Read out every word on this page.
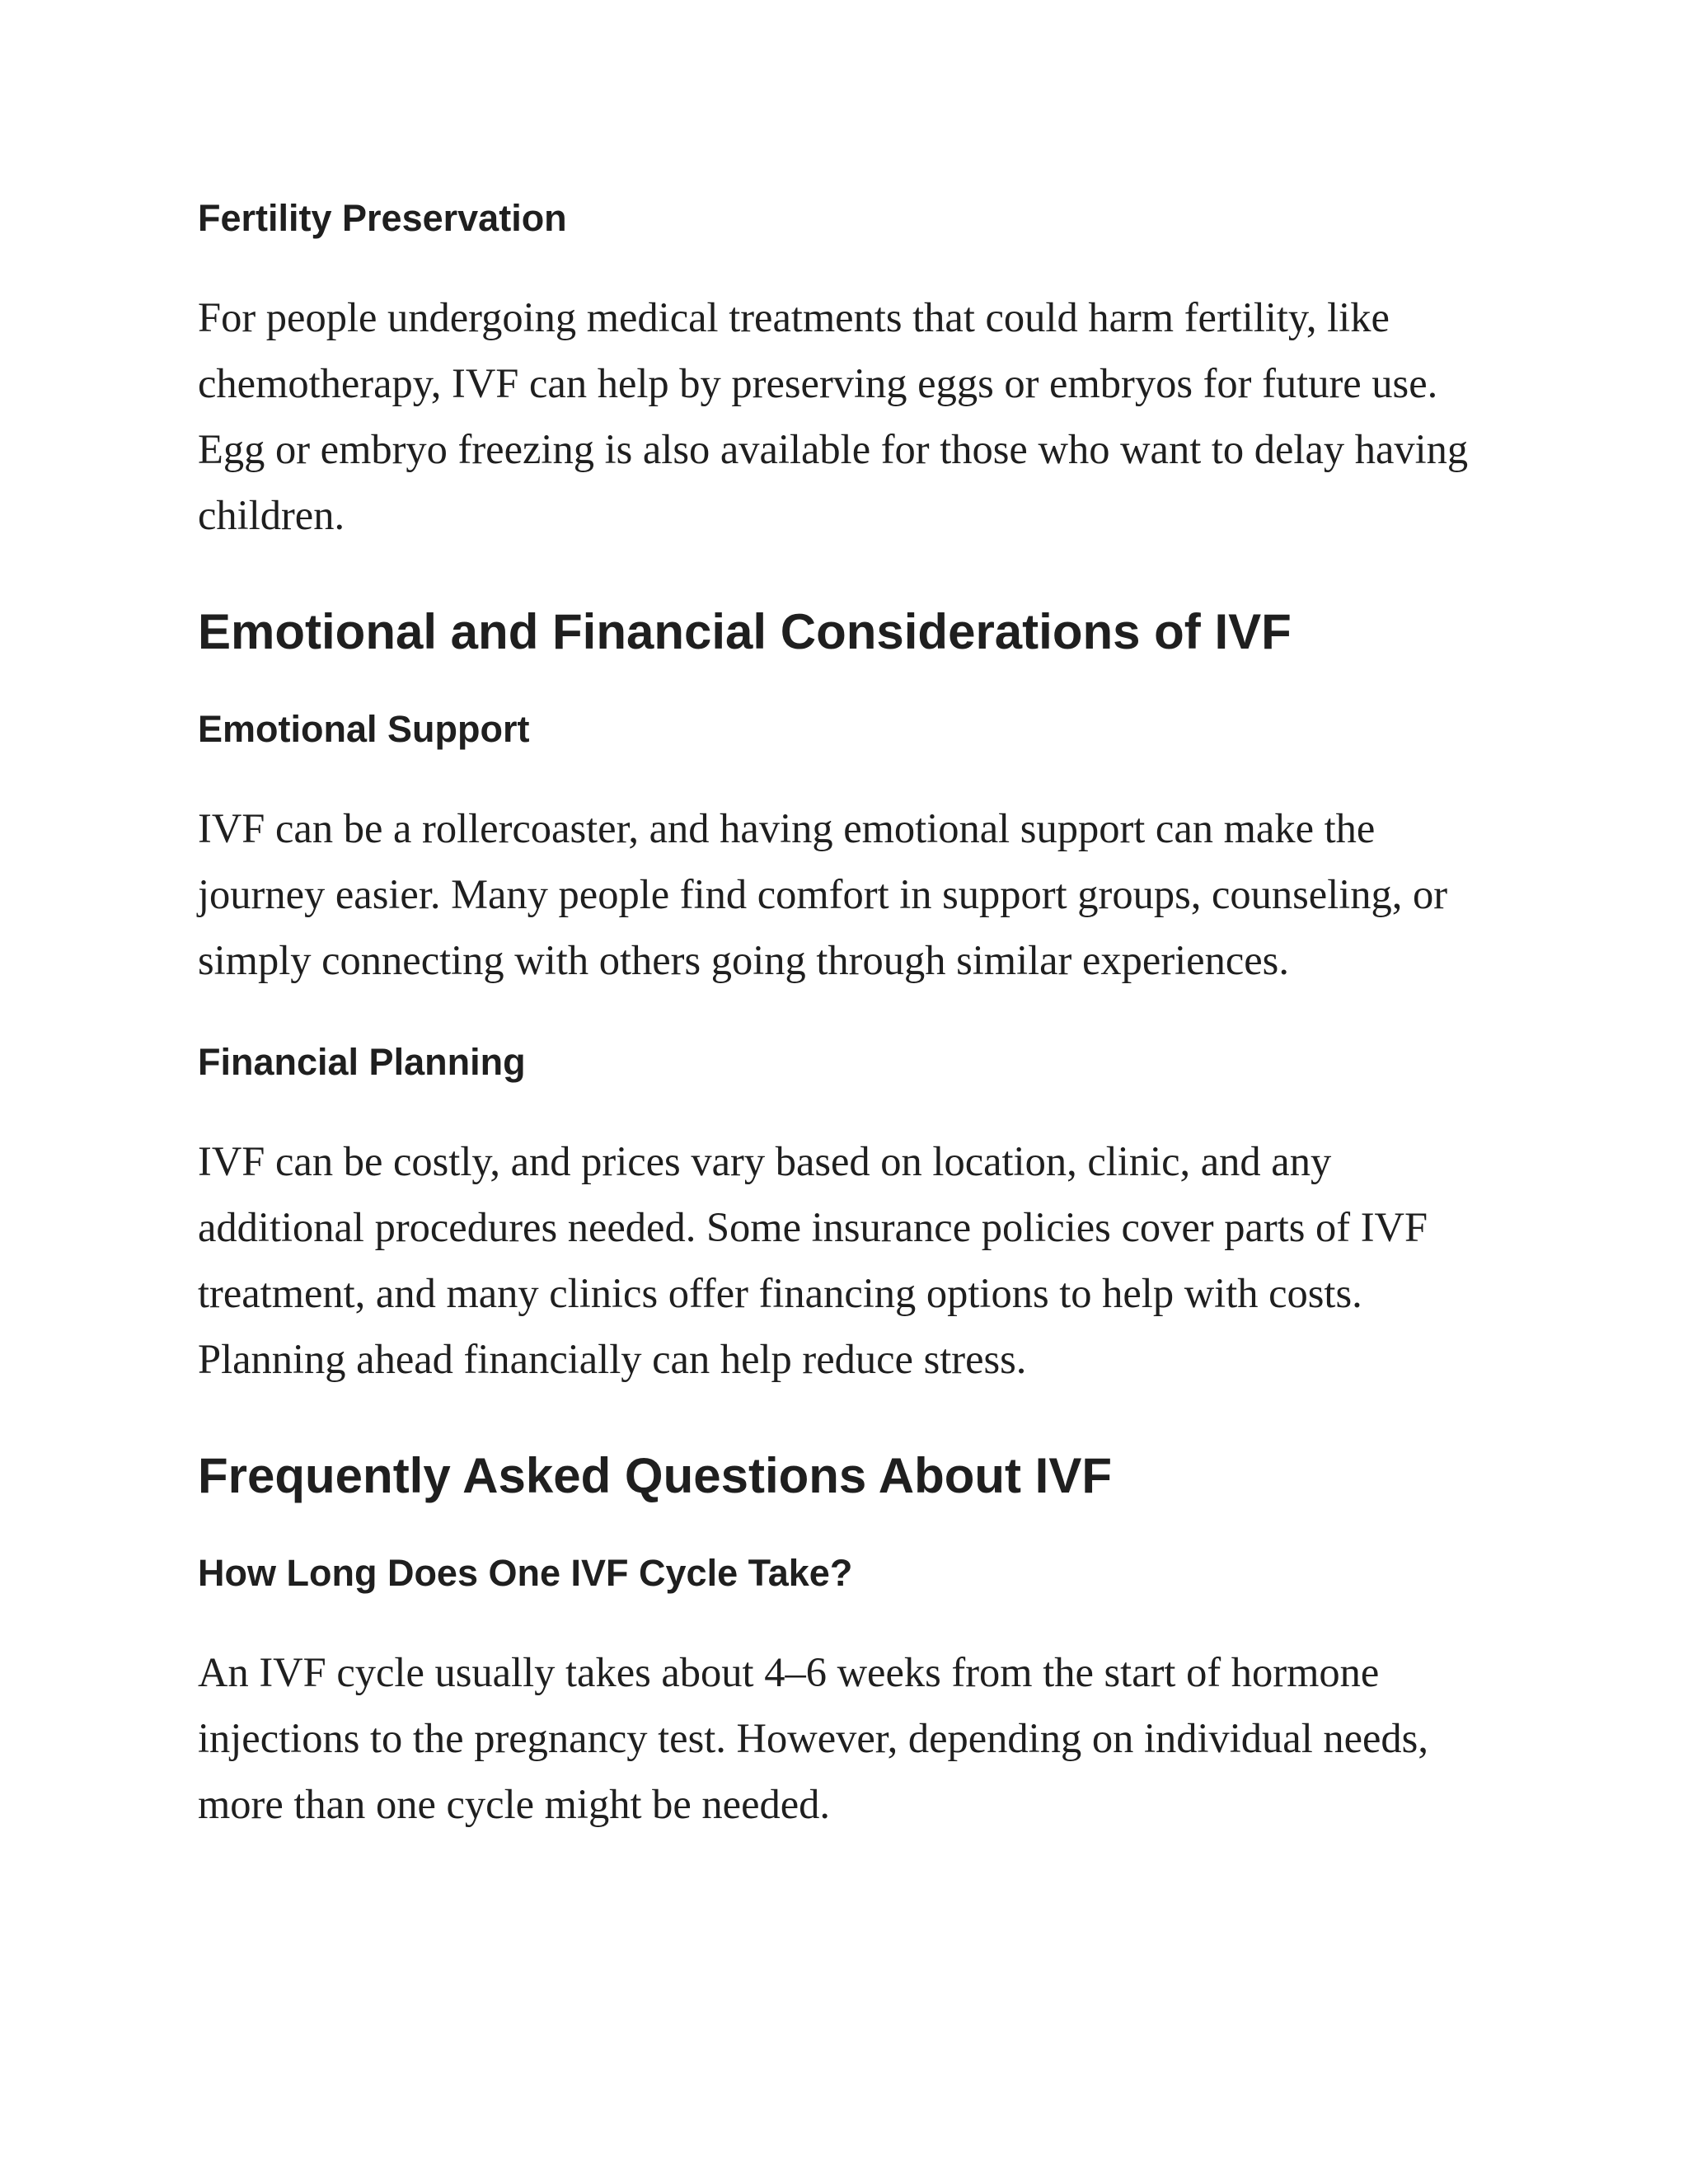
Fertility Preservation

For people undergoing medical treatments that could harm fertility, like chemotherapy, IVF can help by preserving eggs or embryos for future use. Egg or embryo freezing is also available for those who want to delay having children.

Emotional and Financial Considerations of IVF
Emotional Support

IVF can be a rollercoaster, and having emotional support can make the journey easier. Many people find comfort in support groups, counseling, or simply connecting with others going through similar experiences.

Financial Planning

IVF can be costly, and prices vary based on location, clinic, and any additional procedures needed. Some insurance policies cover parts of IVF treatment, and many clinics offer financing options to help with costs. Planning ahead financially can help reduce stress.

Frequently Asked Questions About IVF
How Long Does One IVF Cycle Take?

An IVF cycle usually takes about 4–6 weeks from the start of hormone injections to the pregnancy test. However, depending on individual needs, more than one cycle might be needed.
